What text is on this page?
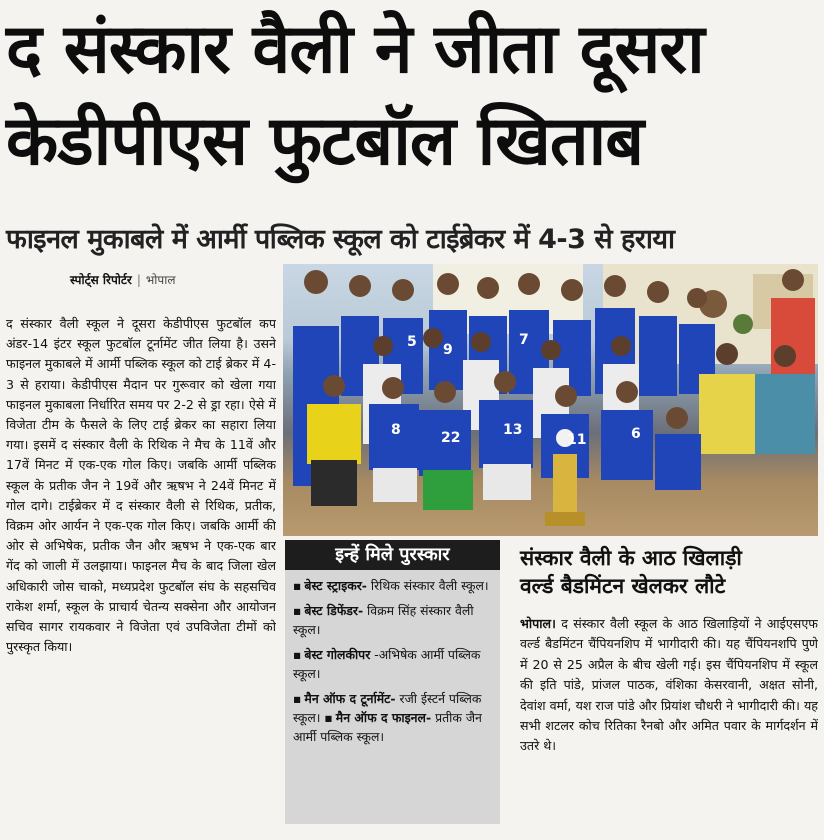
द संस्कार वैली ने जीता दूसरा
केडीपीएस फुटबॉल खिताब
फाइनल मुकाबले में आर्मी पब्लिक स्कूल को टाईब्रेकर में 4-3 से हराया
स्पोर्ट्स रिपोर्टर | भोपाल

द संस्कार वैली स्कूल ने दूसरा केडीपीएस फुटबॉल कप अंडर-14 इंटर स्कूल फुटबॉल टूर्नामेंट जीत लिया है। उसने फाइनल मुकाबले में आर्मी पब्लिक स्कूल को टाई ब्रेकर में 4-3 से हराया। केडीपीएस मैदान पर गुरूवार को खेला गया फाइनल मुकाबला निर्धारित समय पर 2-2 से ड्रा रहा। ऐसे में विजेता टीम के फैसले के लिए टाई ब्रेकर का सहारा लिया गया। इसमें द संस्कार वैली के रिथिक ने मैच के 11वें और 17वें मिनट में एक-एक गोल किए। जबकि आर्मी पब्लिक स्कूल के प्रतीक जैन ने 19वें और ऋषभ ने 24वें मिनट में गोल दागे। टाईब्रेकर में द संस्कार वैली से रिथिक, प्रतीक, विक्रम ओर आर्यन ने एक-एक गोल किए। जबकि आर्मी की ओर से अभिषेक, प्रतीक जैन और ऋषभ ने एक-एक बार गेंद को जाली में उलझाया। फाइनल मैच के बाद जिला खेल अधिकारी जोस चाको, मध्यप्रदेश फुटबॉल संघ के सहसचिव राकेश शर्मा, स्कूल के प्राचार्य चेतन्य सक्सेना और आयोजन सचिव सागर रायकवार ने विजेता एवं उपविजेता टीमों को पुरस्कृत किया।

5 9
7
8	22	13
11	6
इन्हें मिले पुरस्कार
▪ बेस्ट स्ट्राइकर- रिथिक संस्कार वैली स्कूल।
▪ बेस्ट डिफेंडर- विक्रम सिंह संस्कार वैली स्कूल।
▪ बेस्ट गोलकीपर -अभिषेक आर्मी पब्लिक स्कूल।
▪ मैन ऑफ द टूर्नामेंट- रजी ईस्टर्न पब्लिक स्कूल। ▪ मैन ऑफ द फाइनल- प्रतीक जैन आर्मी पब्लिक स्कूल।
संस्कार वैली के आठ खिलाड़ी
वर्ल्ड बैडमिंटन खेलकर लौटे

भोपाल। द संस्कार वैली स्कूल के आठ खिलाड़ियों ने आईएसएफ वर्ल्ड बैडमिंटन चैंपियनशिप में भागीदारी की। यह चैंपियनशपि पुणे में 20 से 25 अप्रैल के बीच खेली गई। इस चैंपियनशिप में स्कूल की इति पांडे, प्रांजल पाठक, वंशिका केसरवानी, अक्षत सोनी, देवांश वर्मा, यश राज पांडे और प्रियांश चौधरी ने भागीदारी की। यह सभी शटलर कोच रितिका रैनबो और अमित पवार के मार्गदर्शन में उतरे थे।
